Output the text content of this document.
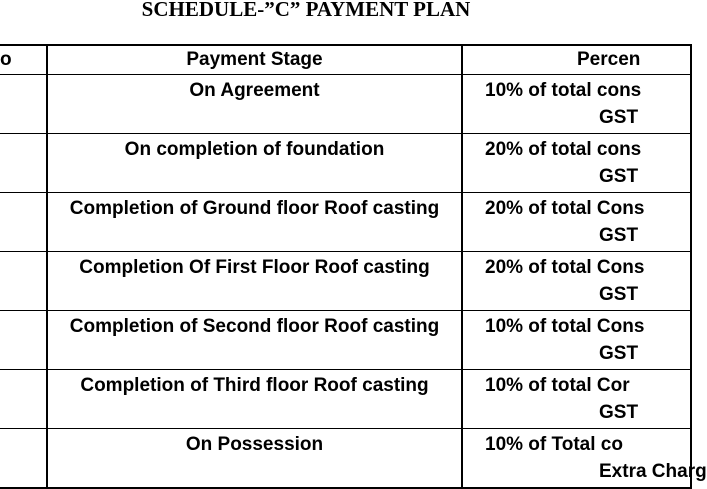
SCHEDULE-”C” PAYMENT PLAN
o	Payment Stage	Percen
	On Agreement	10% of total cons
GST

	On completion of foundation	20% of total cons
GST

	Completion of Ground floor Roof casting	20% of total Cons
GST

	Completion Of First Floor Roof casting	20% of total Cons
GST

	Completion of Second floor Roof casting	10% of total Cons
GST

	Completion of Third floor Roof casting	10% of total Cor
GST

	On Possession	10% of Total co
Extra Charg
